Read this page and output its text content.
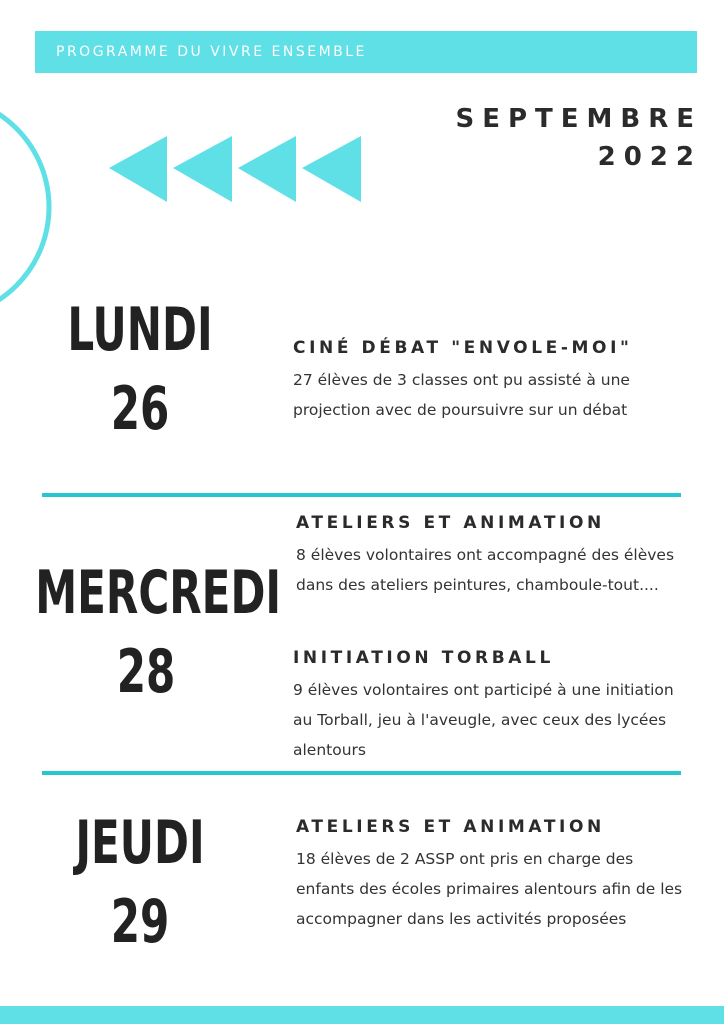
PROGRAMME DU VIVRE ENSEMBLE
SEPTEMBRE
2022
LUNDI
26
CINÉ DÉBAT "ENVOLE-MOI"
27 élèves de 3 classes ont pu assisté à une projection avec de poursuivre sur un débat
MERCREDI
28
ATELIERS ET ANIMATION
8 élèves volontaires ont accompagné des élèves dans des ateliers peintures, chamboule-tout....
INITIATION TORBALL
9 élèves volontaires ont participé à une initiation au Torball, jeu à l'aveugle, avec ceux des lycées alentours
JEUDI
29
ATELIERS ET ANIMATION
18 élèves de 2 ASSP ont pris en charge des enfants des écoles primaires alentours afin de les accompagner dans les activités proposées
